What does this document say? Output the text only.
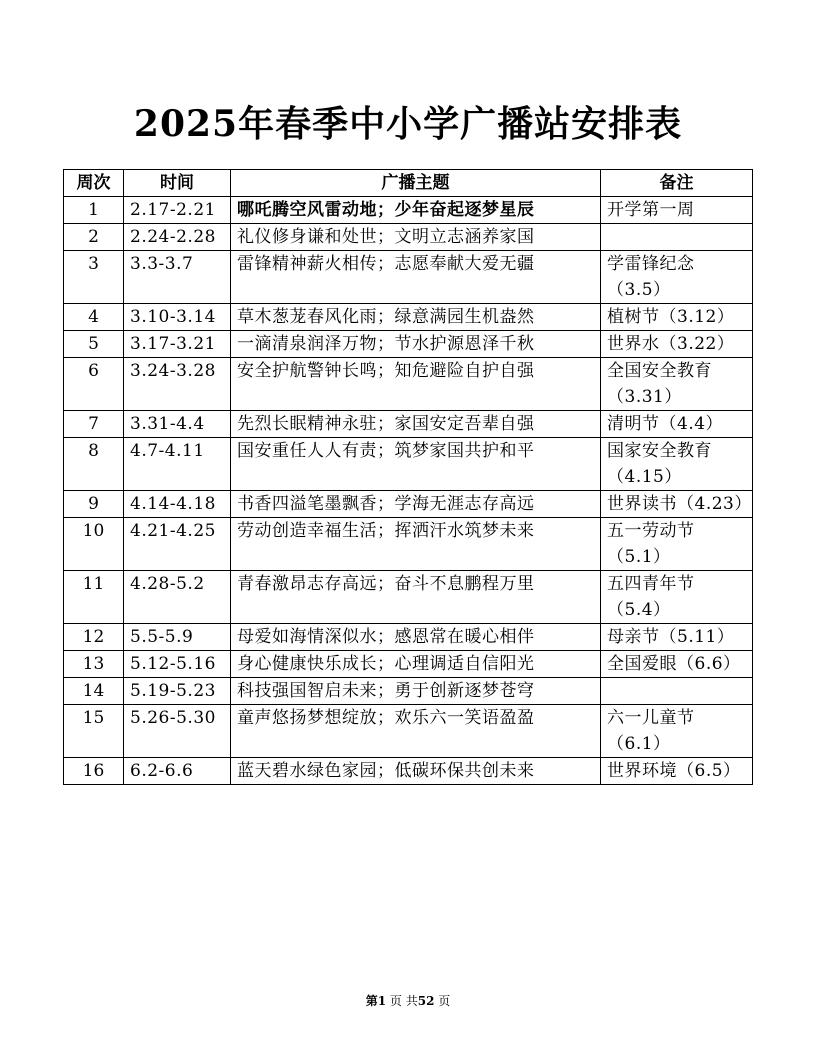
2025年春季中小学广播站安排表
周次	时间	广播主题	备注
1	2.17-2.21	哪吒腾空风雷动地；少年奋起逐梦星辰	开学第一周
2	2.24-2.28	礼仪修身谦和处世；文明立志涵养家国	
3	3.3-3.7	雷锋精神薪火相传；志愿奉献大爱无疆	学雷锋纪念（3.5）
4	3.10-3.14	草木葱茏春风化雨；绿意满园生机盎然	植树节（3.12）
5	3.17-3.21	一滴清泉润泽万物；节水护源恩泽千秋	世界水（3.22）
6	3.24-3.28	安全护航警钟长鸣；知危避险自护自强	全国安全教育（3.31）
7	3.31-4.4	先烈长眠精神永驻；家国安定吾辈自强	清明节（4.4）
8	4.7-4.11	国安重任人人有责；筑梦家国共护和平	国家安全教育（4.15）
9	4.14-4.18	书香四溢笔墨飘香；学海无涯志存高远	世界读书（4.23）
10	4.21-4.25	劳动创造幸福生活；挥洒汗水筑梦未来	五一劳动节（5.1）
11	4.28-5.2	青春激昂志存高远；奋斗不息鹏程万里	五四青年节（5.4）
12	5.5-5.9	母爱如海情深似水；感恩常在暖心相伴	母亲节（5.11）
13	5.12-5.16	身心健康快乐成长；心理调适自信阳光	全国爱眼（6.6）
14	5.19-5.23	科技强国智启未来；勇于创新逐梦苍穹	
15	5.26-5.30	童声悠扬梦想绽放；欢乐六一笑语盈盈	六一儿童节（6.1）
16	6.2-6.6	蓝天碧水绿色家园；低碳环保共创未来	世界环境（6.5）
第1 页 共52 页
